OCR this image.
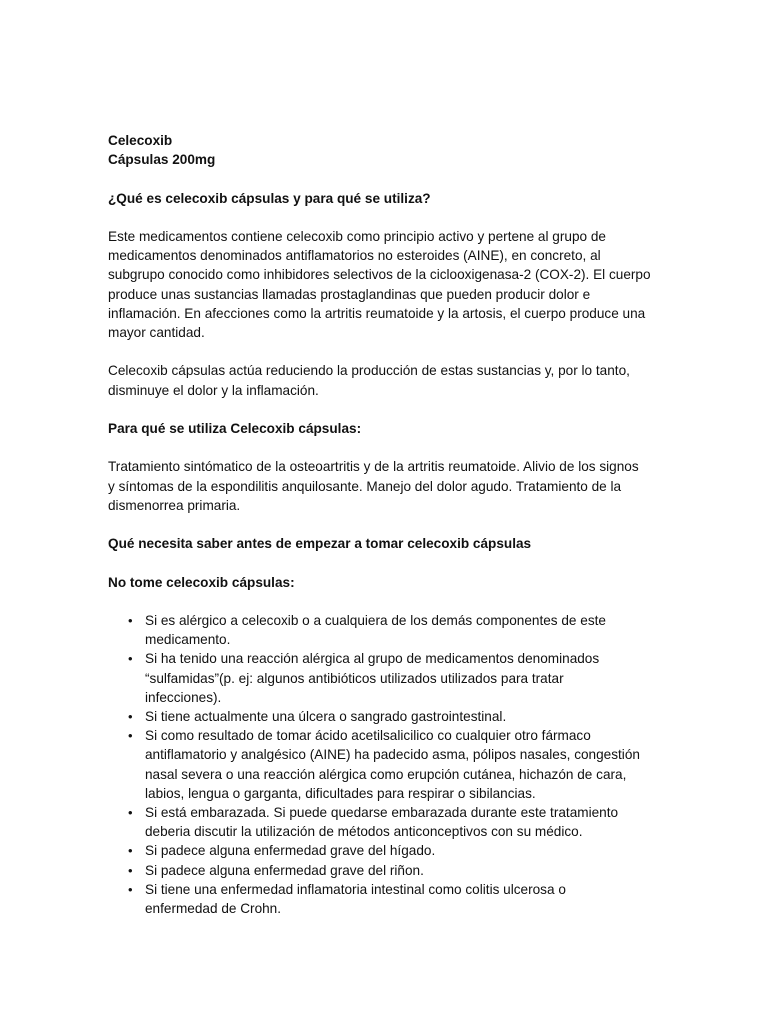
Celecoxib
Cápsulas 200mg
¿Qué es celecoxib cápsulas y para qué se utiliza?
Este medicamentos contiene celecoxib como principio activo y pertene al grupo de
medicamentos denominados antiflamatorios no esteroides (AINE), en concreto, al
subgrupo conocido como inhibidores selectivos de la ciclooxigenasa-2 (COX-2). El cuerpo
produce unas sustancias llamadas prostaglandinas que pueden producir dolor e
inflamación. En afecciones como la artritis reumatoide y la artosis, el cuerpo produce una
mayor cantidad.
Celecoxib cápsulas actúa reduciendo la producción de estas sustancias y, por lo tanto,
disminuye el dolor y la inflamación.
Para qué se utiliza Celecoxib cápsulas:
Tratamiento sintómatico de la osteoartritis y de la artritis reumatoide. Alivio de los signos
y síntomas de la espondilitis anquilosante. Manejo del dolor agudo. Tratamiento de la
dismenorrea primaria.
Qué necesita saber antes de empezar a tomar celecoxib cápsulas
No tome celecoxib cápsulas:
• Si es alérgico a celecoxib o a cualquiera de los demás componentes de este
medicamento.
• Si ha tenido una reacción alérgica al grupo de medicamentos denominados
“sulfamidas”(p. ej: algunos antibióticos utilizados utilizados para tratar
infecciones).
• Si tiene actualmente una úlcera o sangrado gastrointestinal.
• Si como resultado de tomar ácido acetilsalicilico co cualquier otro fármaco
antiflamatorio y analgésico (AINE) ha padecido asma, pólipos nasales, congestión
nasal severa o una reacción alérgica como erupción cutánea, hichazón de cara,
labios, lengua o garganta, dificultades para respirar o sibilancias.
• Si está embarazada. Si puede quedarse embarazada durante este tratamiento
deberia discutir la utilización de métodos anticonceptivos con su médico.
• Si padece alguna enfermedad grave del hígado.
• Si padece alguna enfermedad grave del riñon.
• Si tiene una enfermedad inflamatoria intestinal como colitis ulcerosa o
enfermedad de Crohn.
